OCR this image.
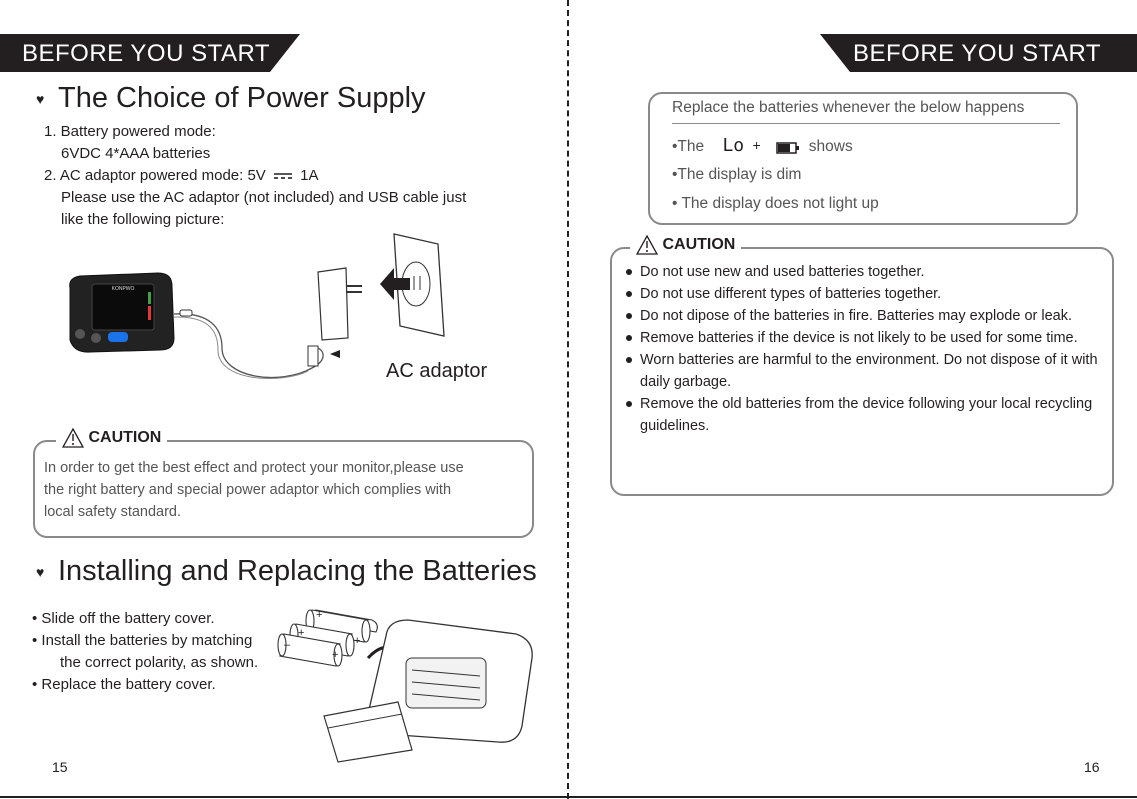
BEFORE YOU START	BEFORE YOU START
♥ The Choice of Power Supply
1. Battery powered mode:
6VDC 4*AAA batteries
2. AC adaptor powered mode: 5V 1A
Please use the AC adaptor (not included) and USB cable just
like the following picture:
KONPWO
AC adaptor
CAUTION
In order to get the best effect and protect your monitor,please use
the right battery and special power adaptor which complies with
local safety standard.
♥ Installing and Replacing the Batteries
• Slide off the battery cover.
• Install the batteries by matching
the correct polarity, as shown.
• Replace the battery cover.
+
+
+
+
–
15
Replace the batteries whenever the below happens
•The Lo +	shows
•The display is dim
• The display does not light up
CAUTION
Do not use new and used batteries together.
Do not use different types of batteries together.
Do not dipose of the batteries in fire. Batteries may explode or leak.
Remove batteries if the device is not likely to be used for some time.
Worn batteries are harmful to the environment. Do not dispose of it with daily garbage.
Remove the old batteries from the device following your local recycling guidelines.
16
